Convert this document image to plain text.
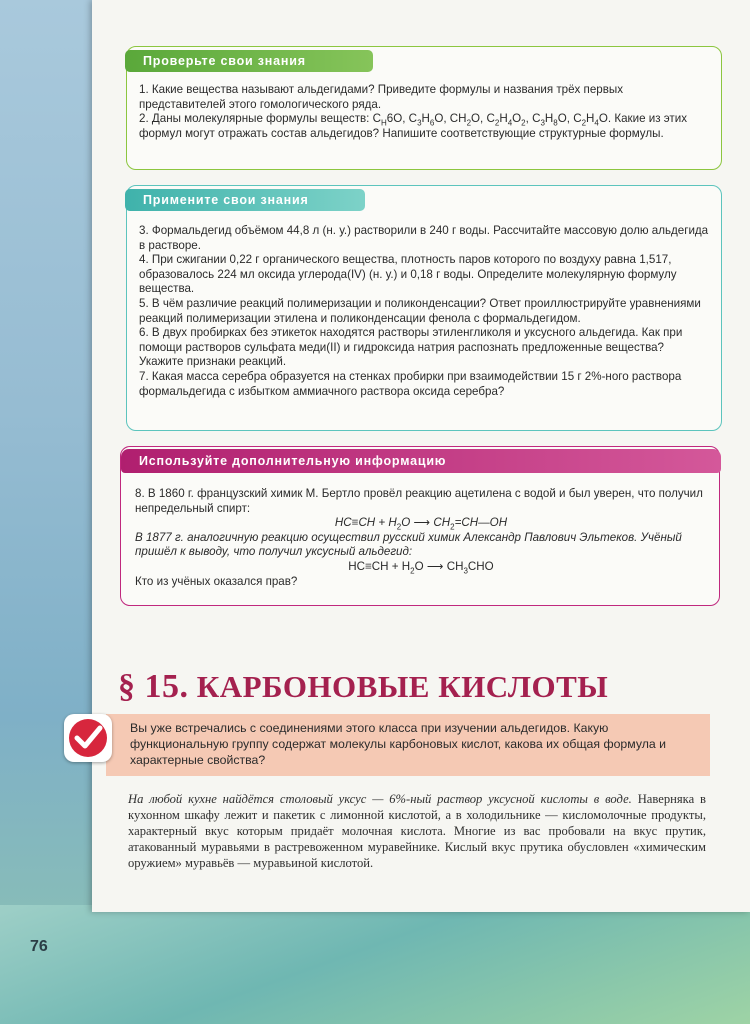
Проверьте свои знания

1. Какие вещества называют альдегидами? Приведите формулы и названия трёх первых представителей этого гомологического ряда.

2. Даны молекулярные формулы веществ: $C_H6O$, $C_3H_6O$, $CH_2O$, $C_2H_4O_2$, $C_3H_8O$, $C_2H_4O$. Какие из этих формул могут отражать состав альдегидов? Напишите соответствующие структурные формулы.

Примените свои знания

3. Формальдегид объёмом 44,8 л (н. у.) растворили в 240 г воды. Рассчитайте массовую долю альдегида в растворе.

4. При сжигании 0,22 г органического вещества, плотность паров которого по воздуху равна 1,517, образовалось 224 мл оксида углерода(IV) (н. у.) и 0,18 г воды. Определите молекулярную формулу вещества.

5. В чём различие реакций полимеризации и поликонденсации? Ответ проиллюстрируйте уравнениями реакций полимеризации этилена и поликонденсации фенола с формальдегидом.

6. В двух пробирках без этикеток находятся растворы этиленгликоля и уксусного альдегида. Как при помощи растворов сульфата меди(II) и гидроксида натрия распознать предложенные вещества? Укажите признаки реакций.

7. Какая масса серебра образуется на стенках пробирки при взаимодействии 15 г 2%-ного раствора формальдегида с избытком аммиачного раствора оксида серебра?

Используйте дополнительную информацию

8. В 1860 г. французский химик М. Бертло провёл реакцию ацетилена с водой и был уверен, что получил непредельный спирт:

$HC\equiv CH + H_2O$ ⟶ $CH_2=CH—OH$

В 1877 г. аналогичную реакцию осуществил русский химик Александр Павлович Эльтеков. Учёный пришёл к выводу, что получил уксусный альдегид:

$HC\equiv CH + H_2O$ ⟶ $CH_3CHO$

Кто из учёных оказался прав?

§ 15. КАРБОНОВЫЕ КИСЛОТЫ
Вы уже встречались с соединениями этого класса при изучении альдегидов. Какую функциональную группу содержат молекулы карбоновых кислот, какова их общая формула и характерные свойства?
На любой кухне найдётся столовый уксус — 6%-ный раствор уксусной кислоты в воде. Наверняка в кухонном шкафу лежит и пакетик с лимонной кислотой, а в холодильнике — кисломолочные продукты, характерный вкус которым придаёт молочная кислота. Многие из вас пробовали на вкус прутик, атакованный муравьями в растревоженном муравейнике. Кислый вкус прутика обусловлен «химическим оружием» муравьёв — муравьиной кислотой.
76
